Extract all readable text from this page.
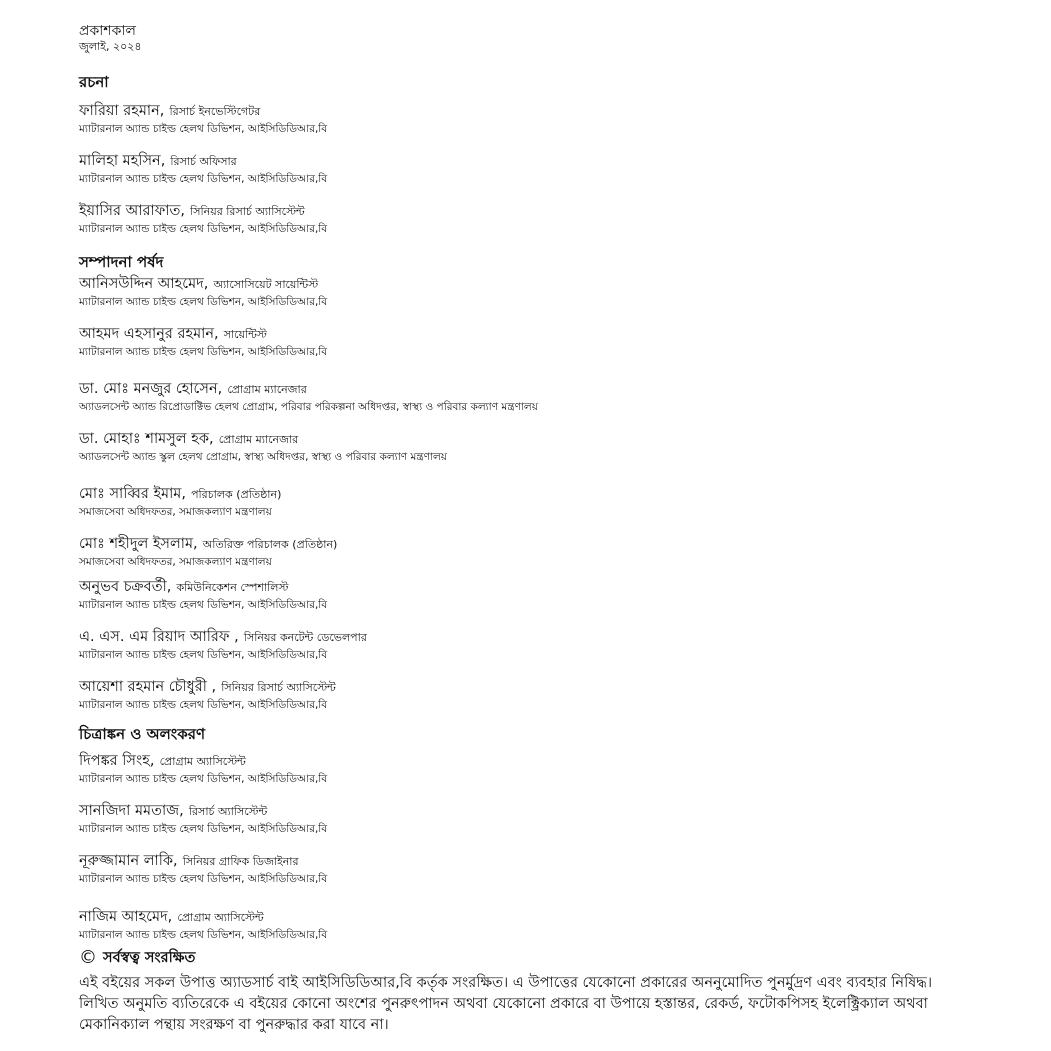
প্রকাশকাল
জুলাই, ২০২৪
রচনা
ফারিয়া রহমান, রিসার্চ ইনভেস্টিগেটর
ম্যাটারনাল অ্যান্ড চাইল্ড হেলথ ডিভিশন, আইসিডিডিআর,বি
মালিহা মহসিন, রিসার্চ অফিসার
ম্যাটারনাল অ্যান্ড চাইল্ড হেলথ ডিভিশন, আইসিডিডিআর,বি
ইয়াসির আরাফাত, সিনিয়র রিসার্চ অ্যাসিস্টেন্ট
ম্যাটারনাল অ্যান্ড চাইল্ড হেলথ ডিভিশন, আইসিডিডিআর,বি
সম্পাদনা পর্ষদ
আনিসউদ্দিন আহমেদ, অ্যাসোসিয়েট সায়েন্টিস্ট
ম্যাটারনাল অ্যান্ড চাইল্ড হেলথ ডিভিশন, আইসিডিডিআর,বি
আহমদ এহসানুর রহমান, সায়েন্টিস্ট
ম্যাটারনাল অ্যান্ড চাইল্ড হেলথ ডিভিশন, আইসিডিডিআর,বি
ডা. মোঃ মনজুর হোসেন, প্রোগ্রাম ম্যানেজার
অ্যাডলসেন্ট অ্যান্ড রিপ্রোডাক্টিভ হেলথ প্রোগ্রাম, পরিবার পরিকল্পনা অধিদপ্তর, স্বাস্থ্য ও পরিবার কল্যাণ মন্ত্রণালয়
ডা. মোহাঃ শামসুল হক, প্রোগ্রাম ম্যানেজার
অ্যাডলসেন্ট অ্যান্ড স্কুল হেলথ প্রোগ্রাম, স্বাস্থ্য অধিদপ্তর, স্বাস্থ্য ও পরিবার কল্যাণ মন্ত্রণালয়
মোঃ সাব্বির ইমাম, পরিচালক (প্রতিষ্ঠান)
সমাজসেবা অধিদফতর, সমাজকল্যাণ মন্ত্রণালয়
মোঃ শহীদুল ইসলাম, অতিরিক্ত পরিচালক (প্রতিষ্ঠান)
সমাজসেবা অধিদফতর, সমাজকল্যাণ মন্ত্রণালয়
অনুভব চক্রবর্তী, কমিউনিকেশন স্পেশালিস্ট
ম্যাটারনাল অ্যান্ড চাইল্ড হেলথ ডিভিশন, আইসিডিডিআর,বি
এ. এস. এম রিয়াদ আরিফ , সিনিয়র কনটেন্ট ডেভেলপার
ম্যাটারনাল অ্যান্ড চাইল্ড হেলথ ডিভিশন, আইসিডিডিআর,বি
আয়েশা রহমান চৌধুরী , সিনিয়র রিসার্চ অ্যাসিস্টেন্ট
ম্যাটারনাল অ্যান্ড চাইল্ড হেলথ ডিভিশন, আইসিডিডিআর,বি
চিত্রাঙ্কন ও অলংকরণ
দিপঙ্কর সিংহ, প্রোগ্রাম অ্যাসিস্টেন্ট
ম্যাটারনাল অ্যান্ড চাইল্ড হেলথ ডিভিশন, আইসিডিডিআর,বি
সানজিদা মমতাজ, রিসার্চ অ্যাসিস্টেন্ট
ম্যাটারনাল অ্যান্ড চাইল্ড হেলথ ডিভিশন, আইসিডিডিআর,বি
নূরুজ্জামান লাকি, সিনিয়র গ্রাফিক ডিজাইনার
ম্যাটারনাল অ্যান্ড চাইল্ড হেলথ ডিভিশন, আইসিডিডিআর,বি
নাজিম আহমেদ, প্রোগ্রাম অ্যাসিস্টেন্ট
ম্যাটারনাল অ্যান্ড চাইল্ড হেলথ ডিভিশন, আইসিডিডিআর,বি
© সর্বস্বত্ব সংরক্ষিত
এই বইয়ের সকল উপাত্ত অ্যাডসার্চ বাই আইসিডিডিআর,বি কর্তৃক সংরক্ষিত। এ উপাত্তের যেকোনো প্রকারের অননুমোদিত পুনর্মুদ্রণ এবং ব্যবহার নিষিদ্ধ। লিখিত অনুমতি ব্যতিরেকে এ বইয়ের কোনো অংশের পুনরুৎপাদন অথবা যেকোনো প্রকারে বা উপায়ে হস্তান্তর, রেকর্ড, ফটোকপিসহ ইলেক্ট্রিক্যাল অথবা মেকানিক্যাল পন্থায় সংরক্ষণ বা পুনরুদ্ধার করা যাবে না।
